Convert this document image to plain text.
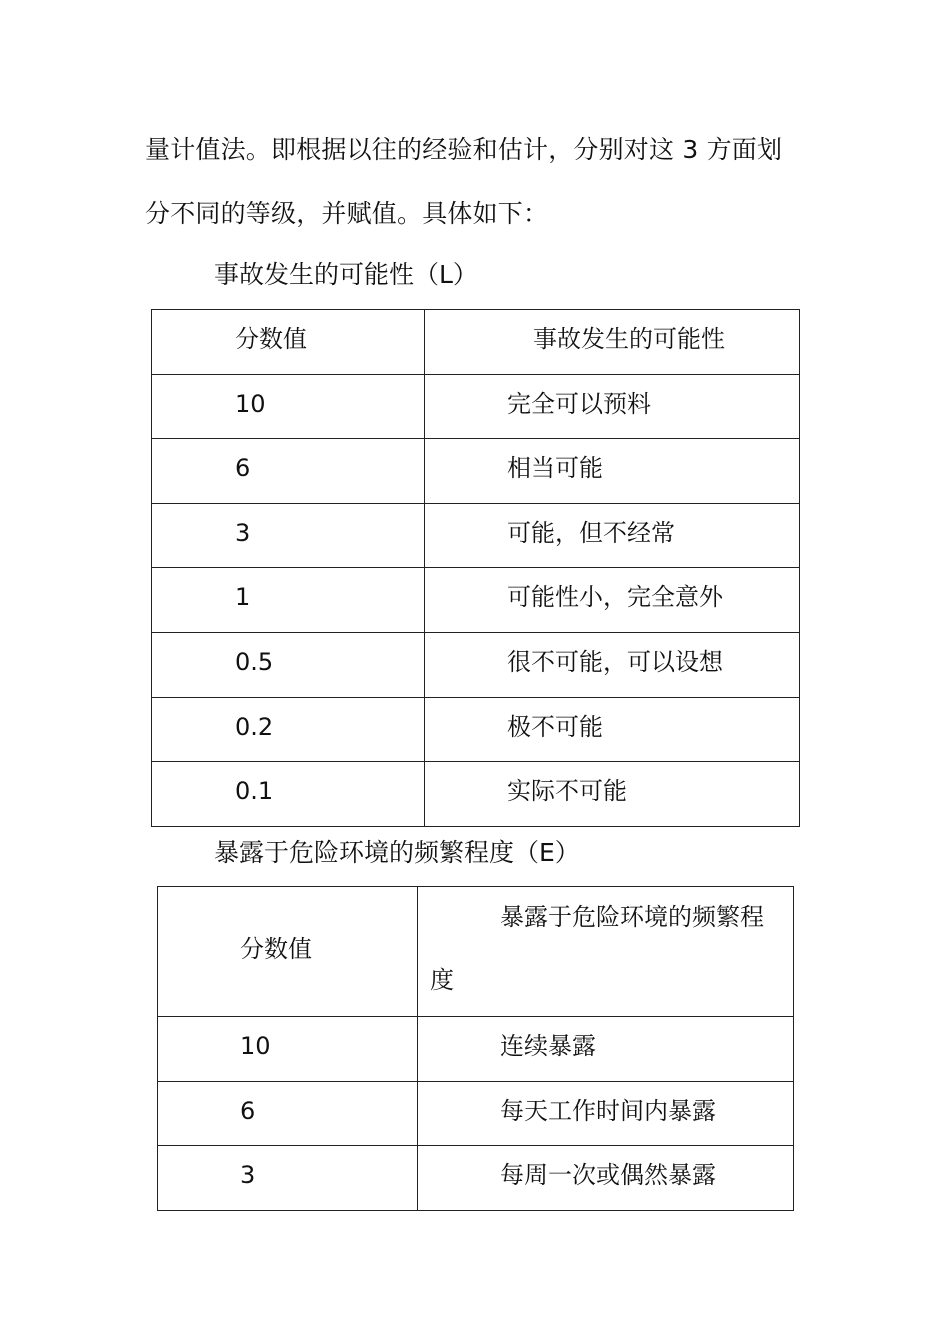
量计值法。即根据以往的经验和估计，分别对这 3 方面划
分不同的等级，并赋值。具体如下：
事故发生的可能性（L）
分数值	事故发生的可能性

10	完全可以预料

6	相当可能

3	可能，但不经常

1	可能性小，完全意外

0.5	很不可能，可以设想

0.2	极不可能

0.1	实际不可能
暴露于危险环境的频繁程度（E）
分数值	暴露于危险环境的频繁程
度

10	连续暴露

6	每天工作时间内暴露

3	每周一次或偶然暴露
